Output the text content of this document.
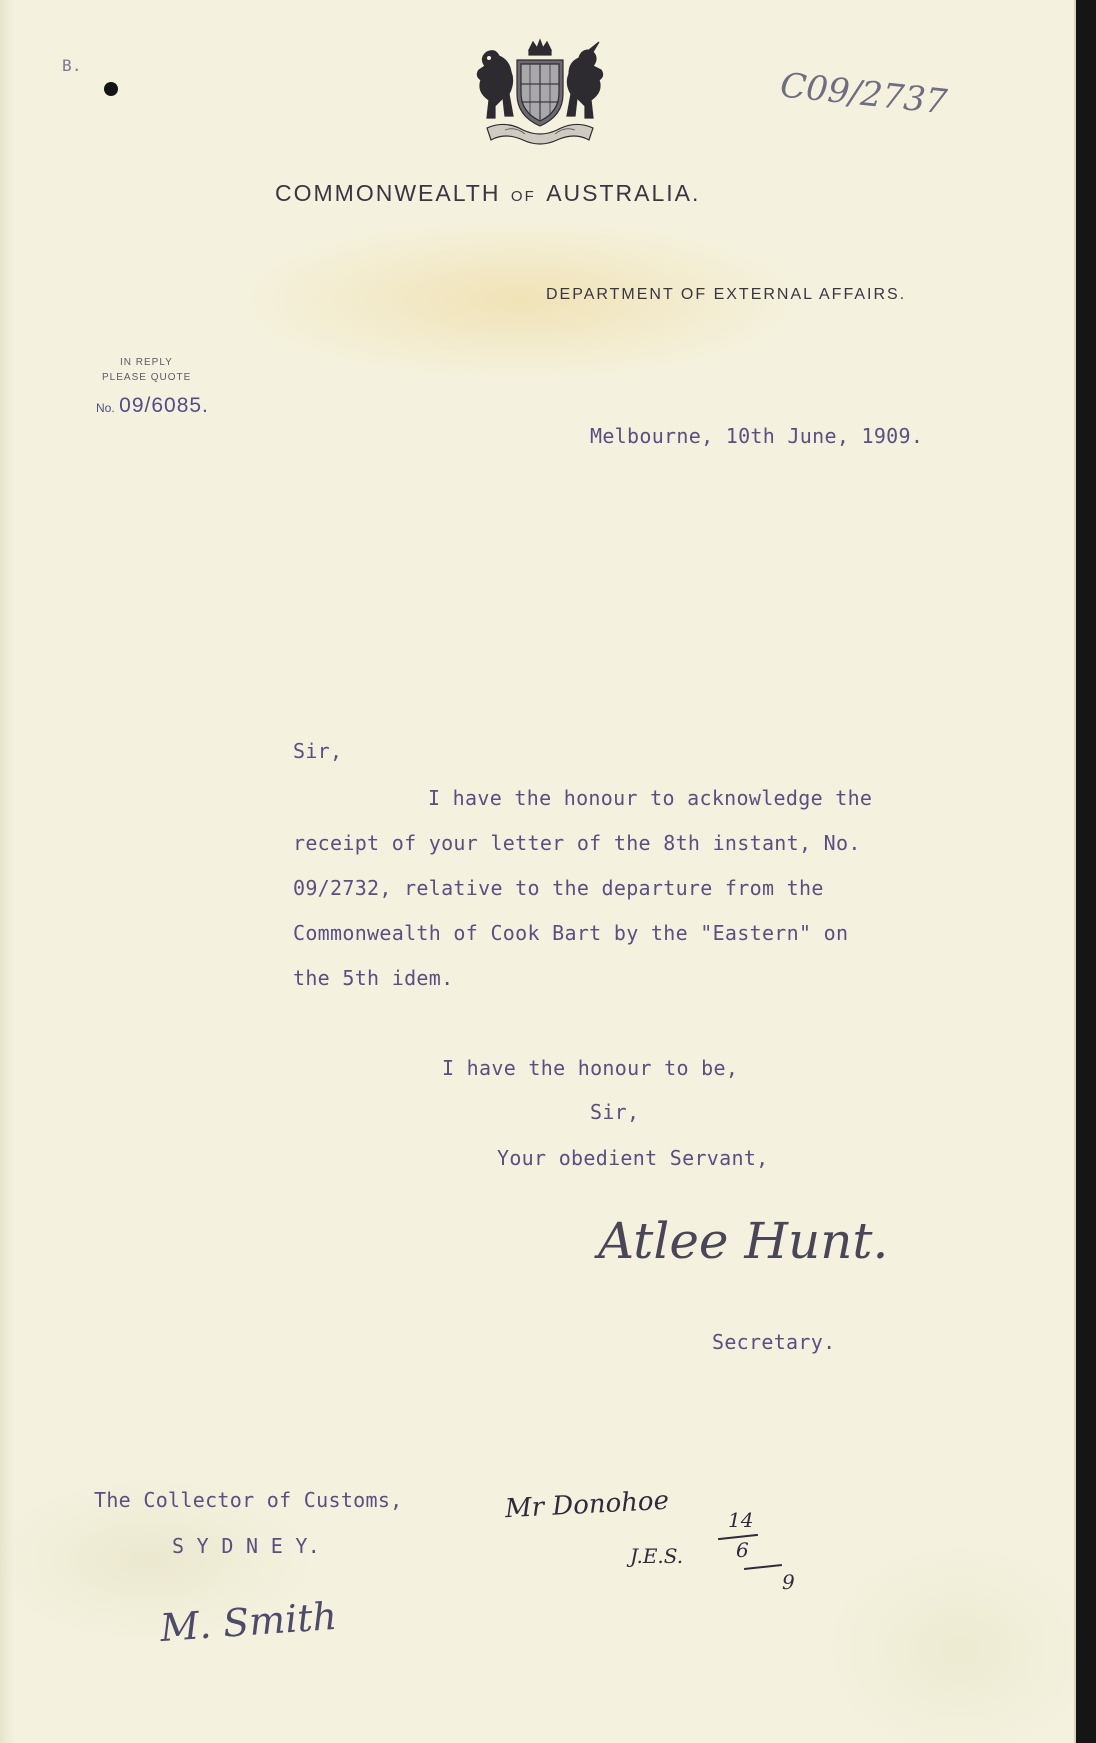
B.	C09/2737
COMMONWEALTH OF AUSTRALIA.
DEPARTMENT OF EXTERNAL AFFAIRS.
IN REPLY
PLEASE QUOTE
No. 09/6085.
Melbourne, 10th June, 1909.
Sir,
I have the honour to acknowledge the
receipt of your letter of the 8th instant, No.
09/2732, relative to the departure from the
Commonwealth of Cook Bart by the "Eastern" on
the 5th idem.
I have the honour to be,
Sir,
Your obedient Servant,
Atlee Hunt.
Secretary.
The Collector of Customs,
S Y D N E Y.
Mr Donohoe
J.E.S.
14
6
9
M. Smith
